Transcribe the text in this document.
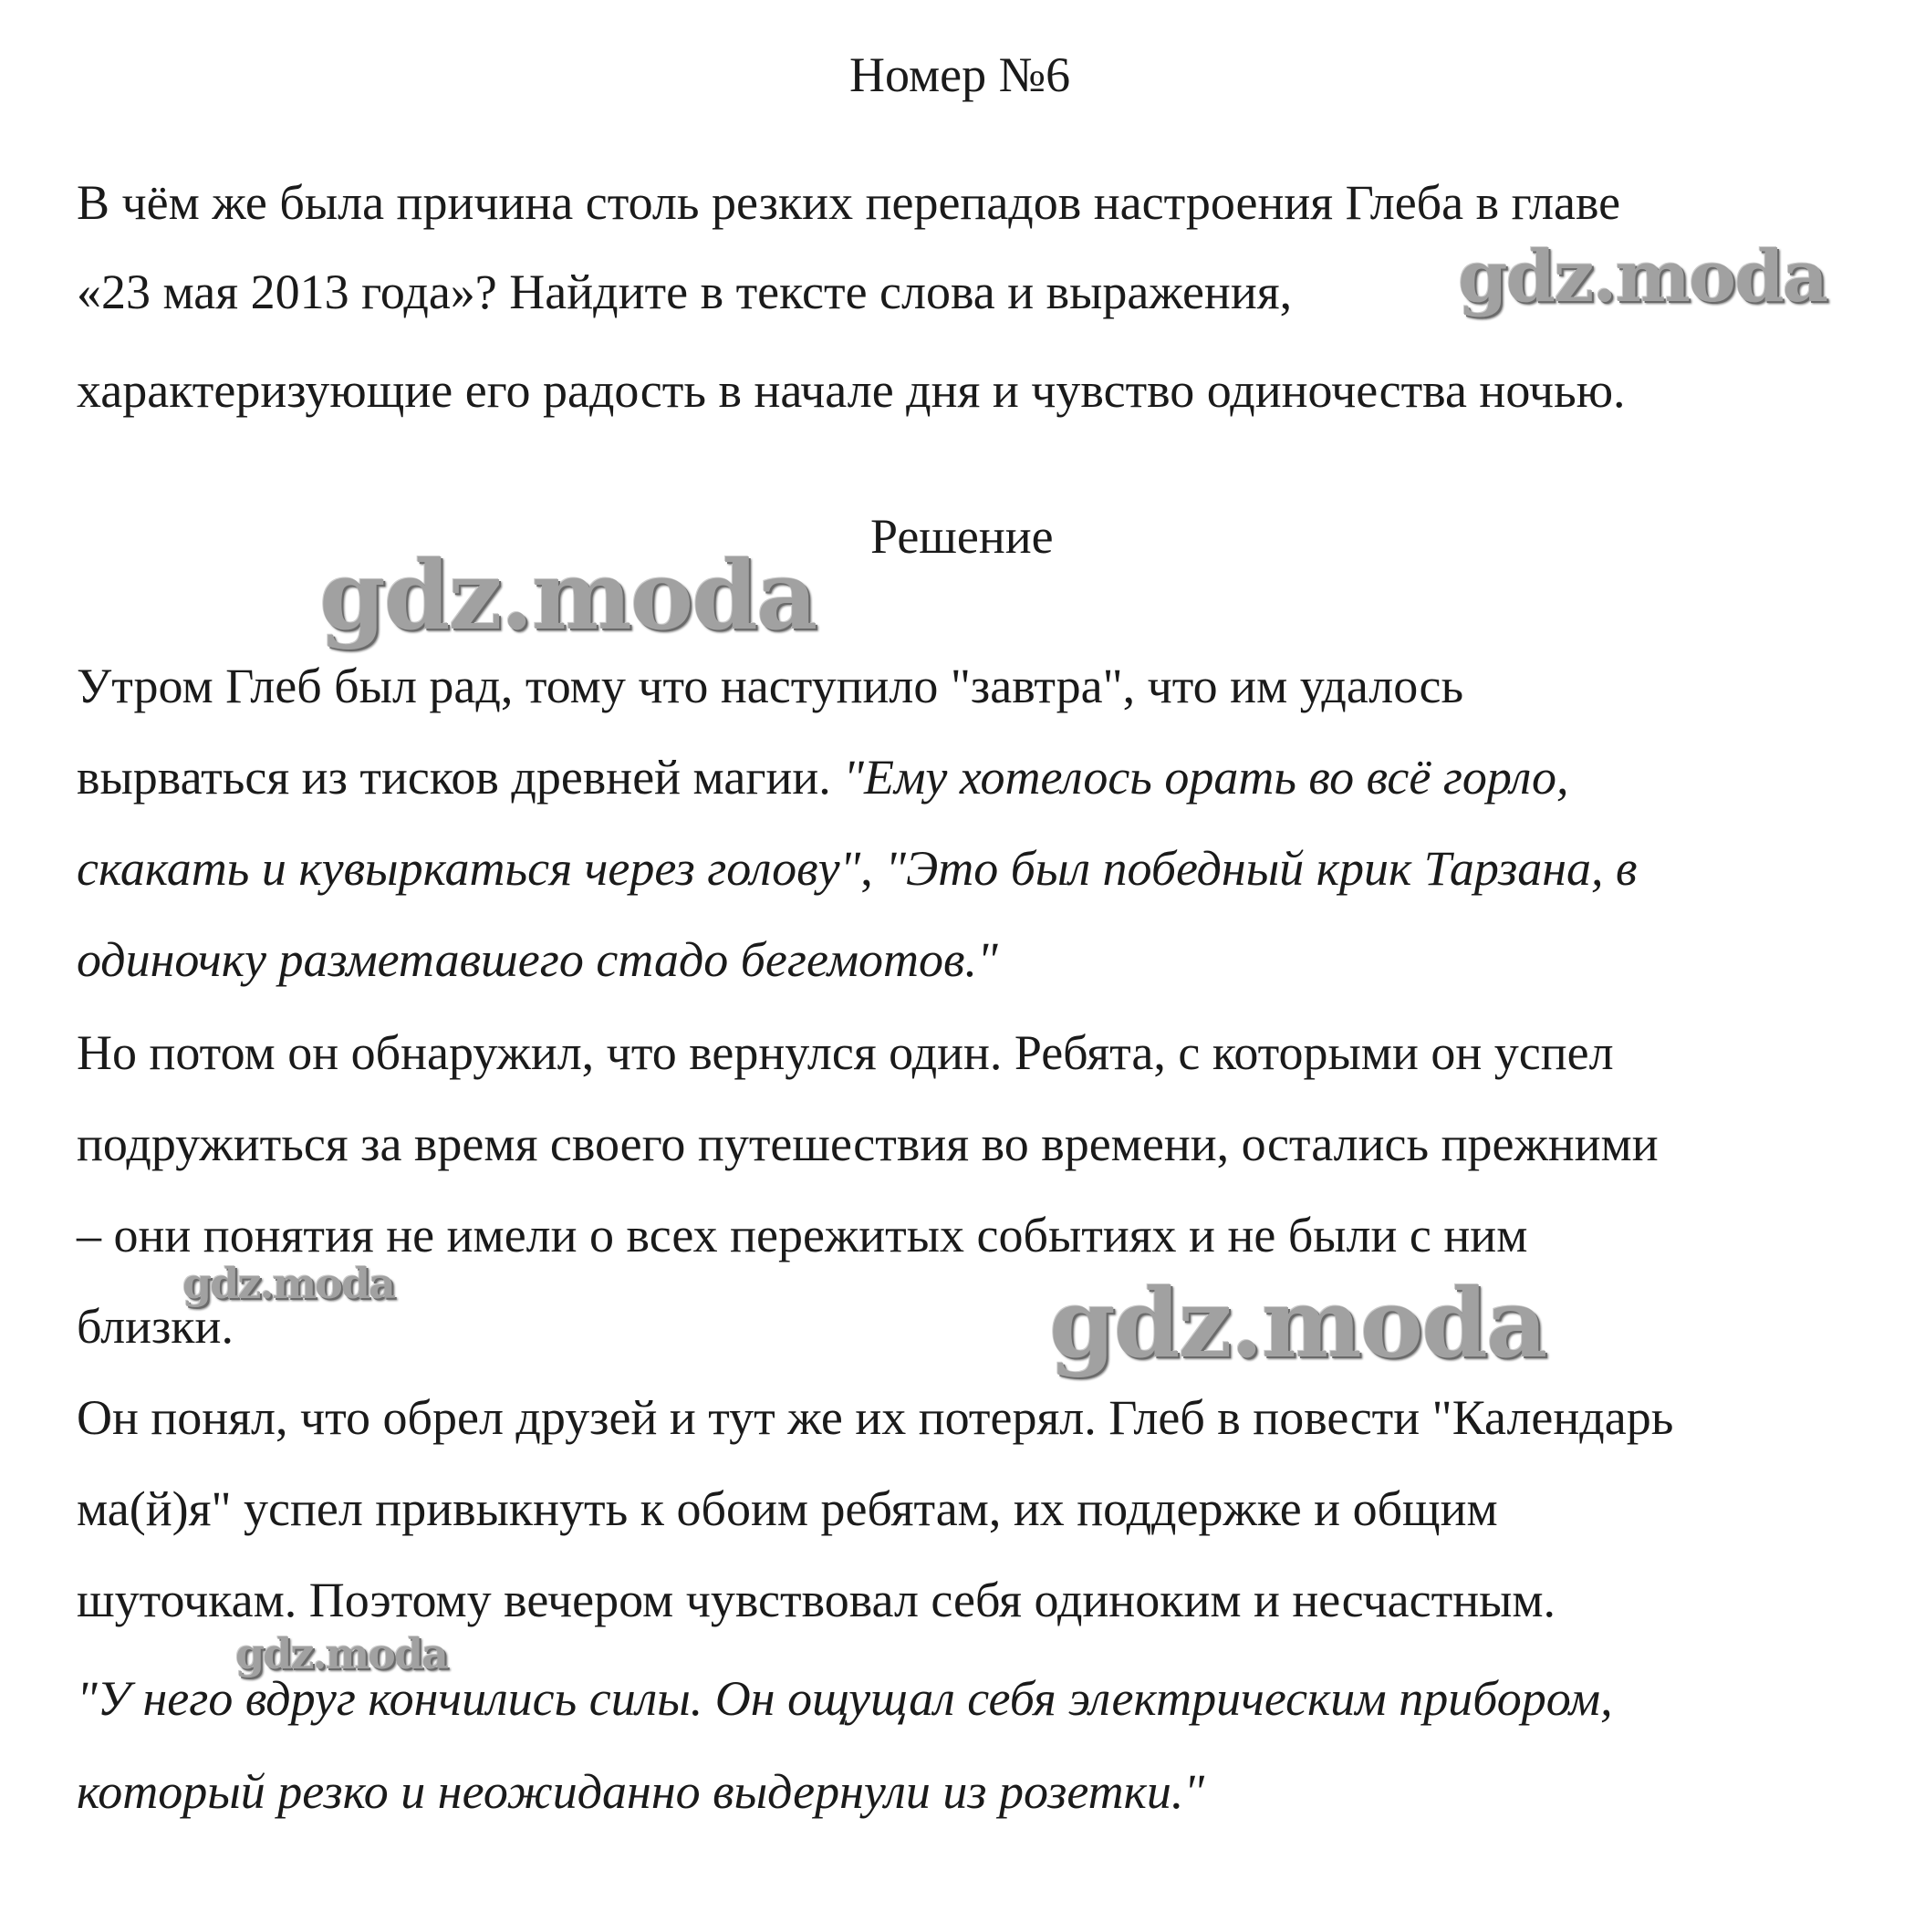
Номер №6
В чём же была причина столь резких перепадов настроения Глеба в главе
«23 мая 2013 года»? Найдите в тексте слова и выражения,
характеризующие его радость в начале дня и чувство одиночества ночью.
Решение
Утром Глеб был рад, тому что наступило "завтра", что им удалось
вырваться из тисков древней магии. "Ему хотелось орать во всё горло,
скакать и кувыркаться через голову", "Это был победный крик Тарзана, в
одиночку разметавшего стадо бегемотов."
Но потом он обнаружил, что вернулся один. Ребята, с которыми он успел
подружиться за время своего путешествия во времени, остались прежними
– они понятия не имели о всех пережитых событиях и не были с ним
близки.
Он понял, что обрел друзей и тут же их потерял. Глеб в повести "Календарь
ма(й)я" успел привыкнуть к обоим ребятам, их поддержке и общим
шуточкам. Поэтому вечером чувствовал себя одиноким и несчастным.
"У него вдруг кончились силы. Он ощущал себя электрическим прибором,
который резко и неожиданно выдернули из розетки."
gdz.moda
gdz.moda
gdz.moda	gdz.moda
gdz.moda
